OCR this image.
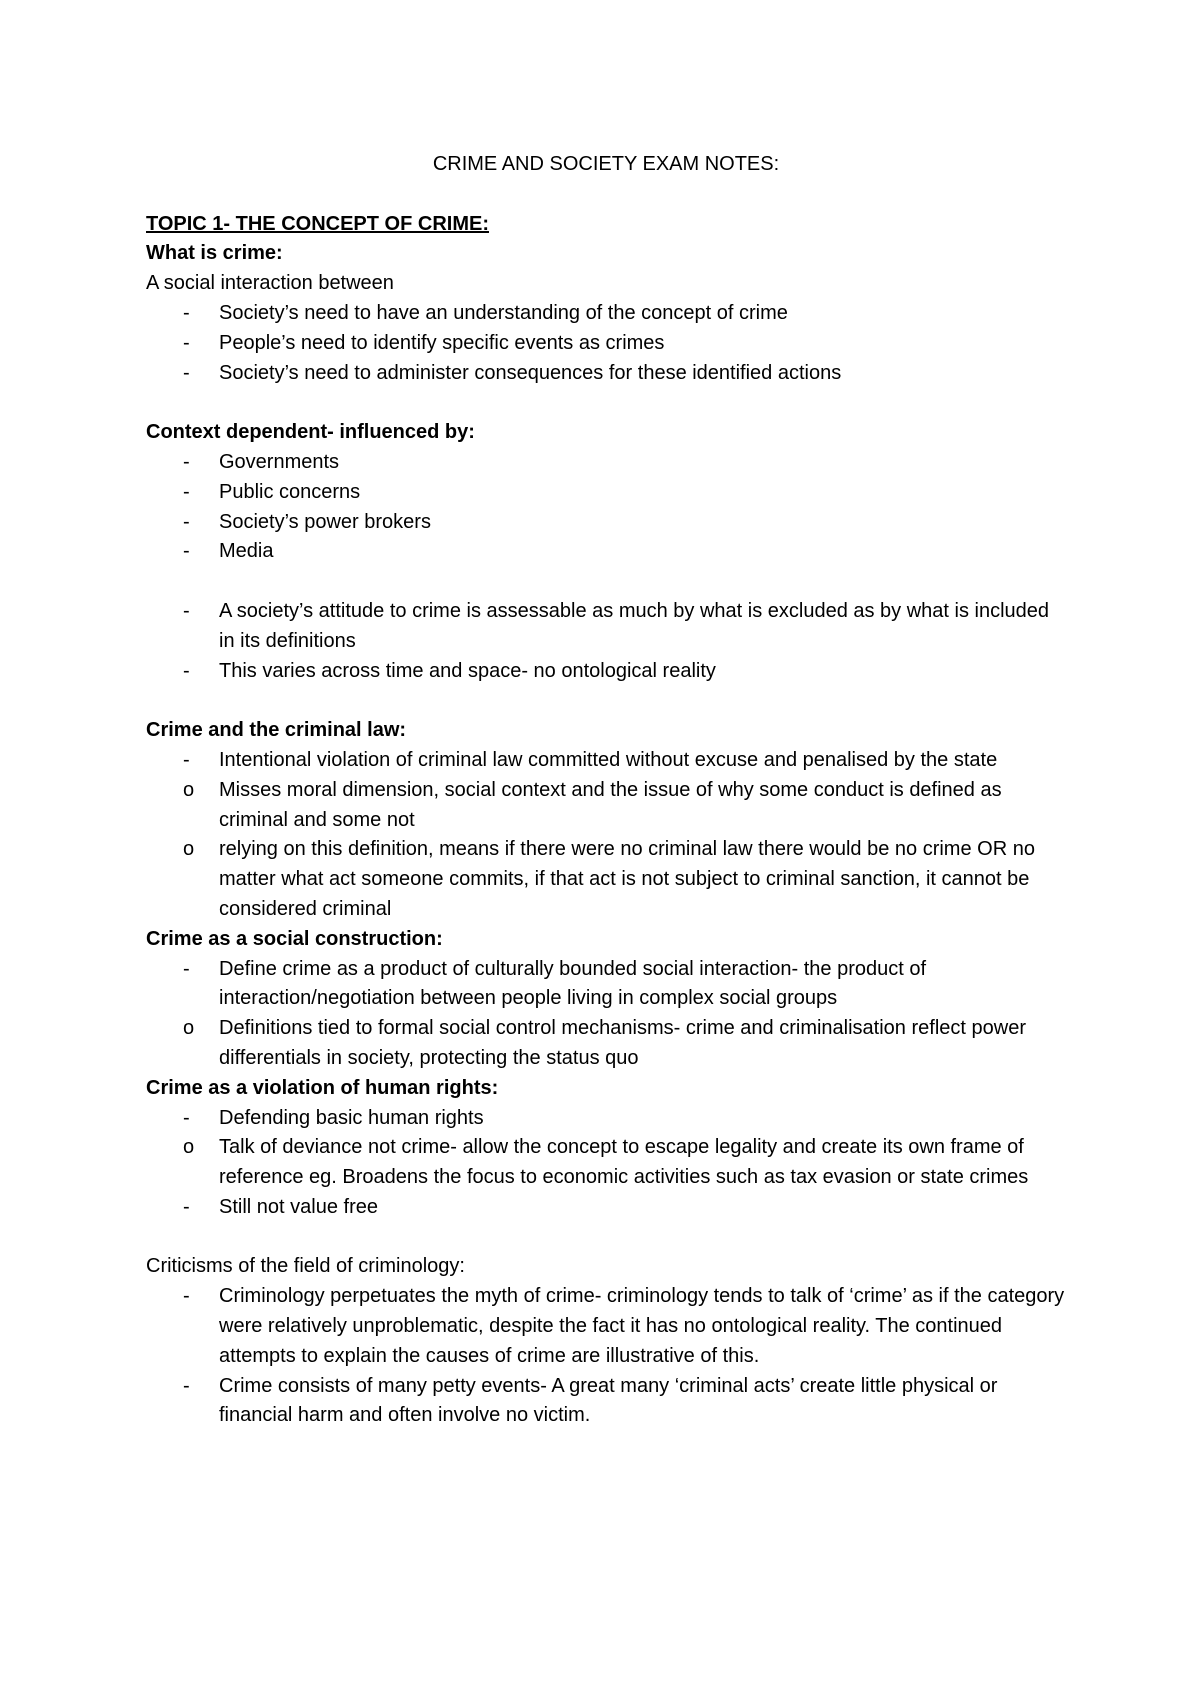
CRIME AND SOCIETY EXAM NOTES:
TOPIC 1- THE CONCEPT OF CRIME:
What is crime:
A social interaction between
- Society’s need to have an understanding of the concept of crime
- People’s need to identify specific events as crimes
- Society’s need to administer consequences for these identified actions
Context dependent- influenced by:
- Governments
- Public concerns
- Society’s power brokers
- Media
- A society’s attitude to crime is assessable as much by what is excluded as by what is included in its definitions
- This varies across time and space- no ontological reality
Crime and the criminal law:
- Intentional violation of criminal law committed without excuse and penalised by the state
o	Misses moral dimension, social context and the issue of why some conduct is defined as criminal and some not
o	relying on this definition, means if there were no criminal law there would be no crime OR no matter what act someone commits, if that act is not subject to criminal sanction, it cannot be considered criminal
Crime as a social construction:
- Define crime as a product of culturally bounded social interaction- the product of interaction/negotiation between people living in complex social groups
o	Definitions tied to formal social control mechanisms- crime and criminalisation reflect power differentials in society, protecting the status quo
Crime as a violation of human rights:
- Defending basic human rights
o	Talk of deviance not crime- allow the concept to escape legality and create its own frame of reference eg. Broadens the focus to economic activities such as tax evasion or state crimes
- Still not value free
Criticisms of the field of criminology:
- Criminology perpetuates the myth of crime- criminology tends to talk of ‘crime’ as if the category were relatively unproblematic, despite the fact it has no ontological reality. The continued attempts to explain the causes of crime are illustrative of this.
- Crime consists of many petty events- A great many ‘criminal acts’ create little physical or financial harm and often involve no victim.
